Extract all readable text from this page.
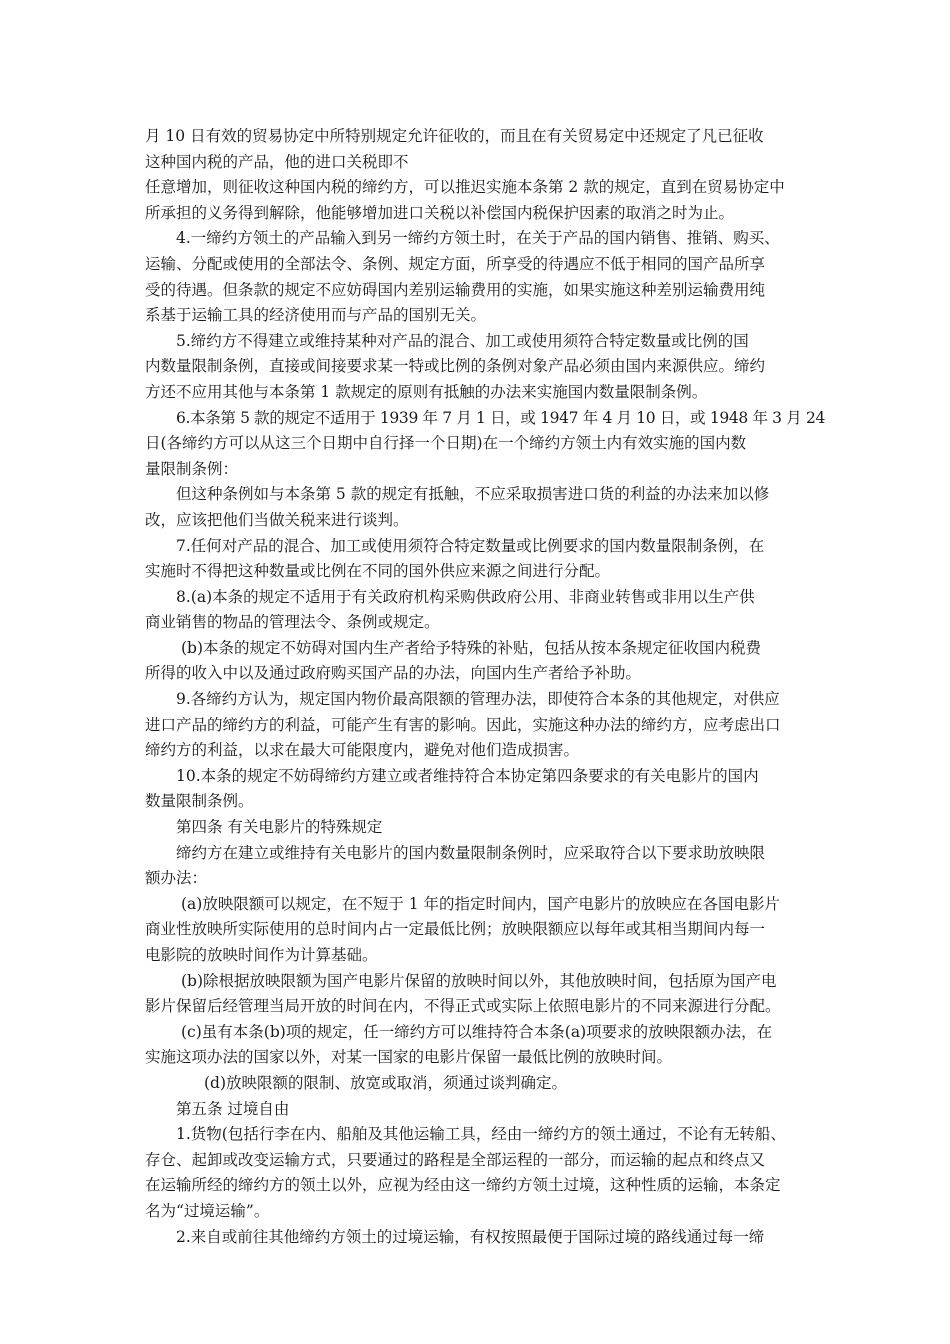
月 10 日有效的贸易协定中所特别规定允许征收的，而且在有关贸易定中还规定了凡已征收
这种国内税的产品，他的进口关税即不
任意增加，则征收这种国内税的缔约方，可以推迟实施本条第 2 款的规定，直到在贸易协定中
所承担的义务得到解除，他能够增加进口关税以补偿国内税保护因素的取消之时为止。
4.一缔约方领土的产品输入到另一缔约方领土时，在关于产品的国内销售、推销、购买、
运输、分配或使用的全部法令、条例、规定方面，所享受的待遇应不低于相同的国产品所享
受的待遇。但条款的规定不应妨碍国内差别运输费用的实施，如果实施这种差别运输费用纯
系基于运输工具的经济使用而与产品的国别无关。
5.缔约方不得建立或维持某种对产品的混合、加工或使用须符合特定数量或比例的国
内数量限制条例，直接或间接要求某一特或比例的条例对象产品必须由国内来源供应。缔约
方还不应用其他与本条第 1 款规定的原则有抵触的办法来实施国内数量限制条例。
6.本条第 5 款的规定不适用于 1939 年 7 月 1 日，或 1947 年 4 月 10 日，或 1948 年 3 月 24
日(各缔约方可以从这三个日期中自行择一个日期)在一个缔约方领土内有效实施的国内数
量限制条例：
但这种条例如与本条第 5 款的规定有抵触，不应采取损害进口货的利益的办法来加以修
改，应该把他们当做关税来进行谈判。
7.任何对产品的混合、加工或使用须符合特定数量或比例要求的国内数量限制条例，在
实施时不得把这种数量或比例在不同的国外供应来源之间进行分配。
8.(a)本条的规定不适用于有关政府机构采购供政府公用、非商业转售或非用以生产供
商业销售的物品的管理法令、条例或规定。
(b)本条的规定不妨碍对国内生产者给予特殊的补贴，包括从按本条规定征收国内税费
所得的收入中以及通过政府购买国产品的办法，向国内生产者给予补助。
9.各缔约方认为，规定国内物价最高限额的管理办法，即使符合本条的其他规定，对供应
进口产品的缔约方的利益，可能产生有害的影响。因此，实施这种办法的缔约方，应考虑出口
缔约方的利益，以求在最大可能限度内，避免对他们造成损害。
10.本条的规定不妨碍缔约方建立或者维持符合本协定第四条要求的有关电影片的国内
数量限制条例。
第四条 有关电影片的特殊规定
缔约方在建立或维持有关电影片的国内数量限制条例时，应采取符合以下要求助放映限
额办法：
(a)放映限额可以规定，在不短于 1 年的指定时间内，国产电影片的放映应在各国电影片
商业性放映所实际使用的总时间内占一定最低比例；放映限额应以每年或其相当期间内每一
电影院的放映时间作为计算基础。
(b)除根据放映限额为国产电影片保留的放映时间以外，其他放映时间，包括原为国产电
影片保留后经管理当局开放的时间在内，不得正式或实际上依照电影片的不同来源进行分配。
(c)虽有本条(b)项的规定，任一缔约方可以维持符合本条(a)项要求的放映限额办法，在
实施这项办法的国家以外，对某一国家的电影片保留一最低比例的放映时间。
(d)放映限额的限制、放宽或取消，须通过谈判确定。
第五条 过境自由
1.货物(包括行李在内、船舶及其他运输工具，经由一缔约方的领土通过，不论有无转船、
存仓、起卸或改变运输方式，只要通过的路程是全部运程的一部分，而运输的起点和终点又
在运输所经的缔约方的领土以外，应视为经由这一缔约方领土过境，这种性质的运输，本条定
名为“过境运输”。
2.来自或前往其他缔约方领土的过境运输，有权按照最便于国际过境的路线通过每一缔
